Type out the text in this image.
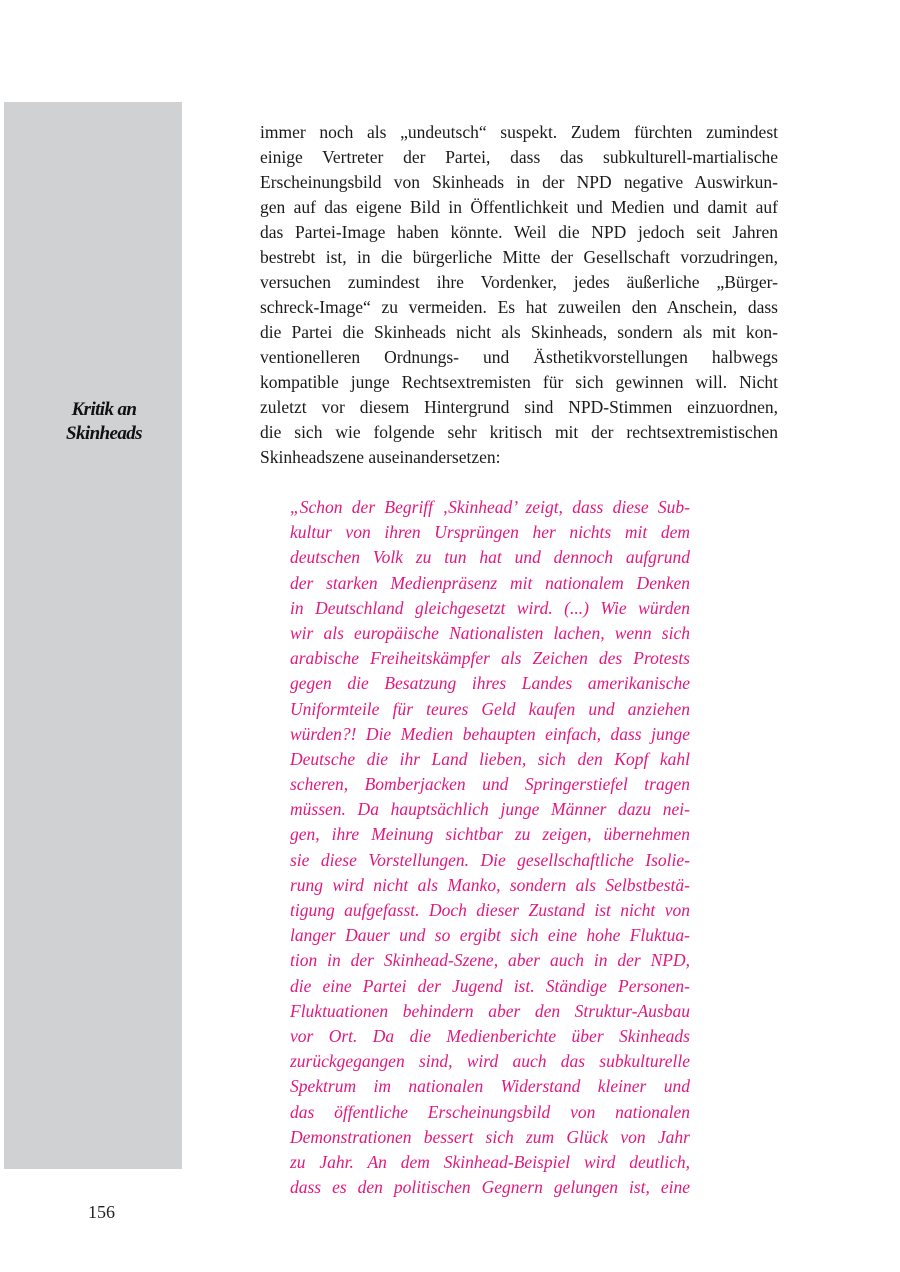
Kritik an
Skinheads
immer noch als „undeutsch“ suspekt. Zudem fürchten zumindest
einige Vertreter der Partei, dass das subkulturell-martialische
Erscheinungsbild von Skinheads in der NPD negative Auswirkun-
gen auf das eigene Bild in Öffentlichkeit und Medien und damit auf
das Partei-Image haben könnte. Weil die NPD jedoch seit Jahren
bestrebt ist, in die bürgerliche Mitte der Gesellschaft vorzudringen,
versuchen zumindest ihre Vordenker, jedes äußerliche „Bürger-
schreck-Image“ zu vermeiden. Es hat zuweilen den Anschein, dass
die Partei die Skinheads nicht als Skinheads, sondern als mit kon-
ventionelleren Ordnungs- und Ästhetikvorstellungen halbwegs
kompatible junge Rechtsextremisten für sich gewinnen will. Nicht
zuletzt vor diesem Hintergrund sind NPD-Stimmen einzuordnen,
die sich wie folgende sehr kritisch mit der rechtsextremistischen
Skinheadszene auseinandersetzen:
„Schon der Begriff ‚Skinhead’ zeigt, dass diese Sub-
kultur von ihren Ursprüngen her nichts mit dem
deutschen Volk zu tun hat und dennoch aufgrund
der starken Medienpräsenz mit nationalem Denken
in Deutschland gleichgesetzt wird. (...) Wie würden
wir als europäische Nationalisten lachen, wenn sich
arabische Freiheitskämpfer als Zeichen des Protests
gegen die Besatzung ihres Landes amerikanische
Uniformteile für teures Geld kaufen und anziehen
würden?! Die Medien behaupten einfach, dass junge
Deutsche die ihr Land lieben, sich den Kopf kahl
scheren, Bomberjacken und Springerstiefel tragen
müssen. Da hauptsächlich junge Männer dazu nei-
gen, ihre Meinung sichtbar zu zeigen, übernehmen
sie diese Vorstellungen. Die gesellschaftliche Isolie-
rung wird nicht als Manko, sondern als Selbstbestä-
tigung aufgefasst. Doch dieser Zustand ist nicht von
langer Dauer und so ergibt sich eine hohe Fluktua-
tion in der Skinhead-Szene, aber auch in der NPD,
die eine Partei der Jugend ist. Ständige Personen-
Fluktuationen behindern aber den Struktur-Ausbau
vor Ort. Da die Medienberichte über Skinheads
zurückgegangen sind, wird auch das subkulturelle
Spektrum im nationalen Widerstand kleiner und
das öffentliche Erscheinungsbild von nationalen
Demonstrationen bessert sich zum Glück von Jahr
zu Jahr. An dem Skinhead-Beispiel wird deutlich,
dass es den politischen Gegnern gelungen ist, eine
156
